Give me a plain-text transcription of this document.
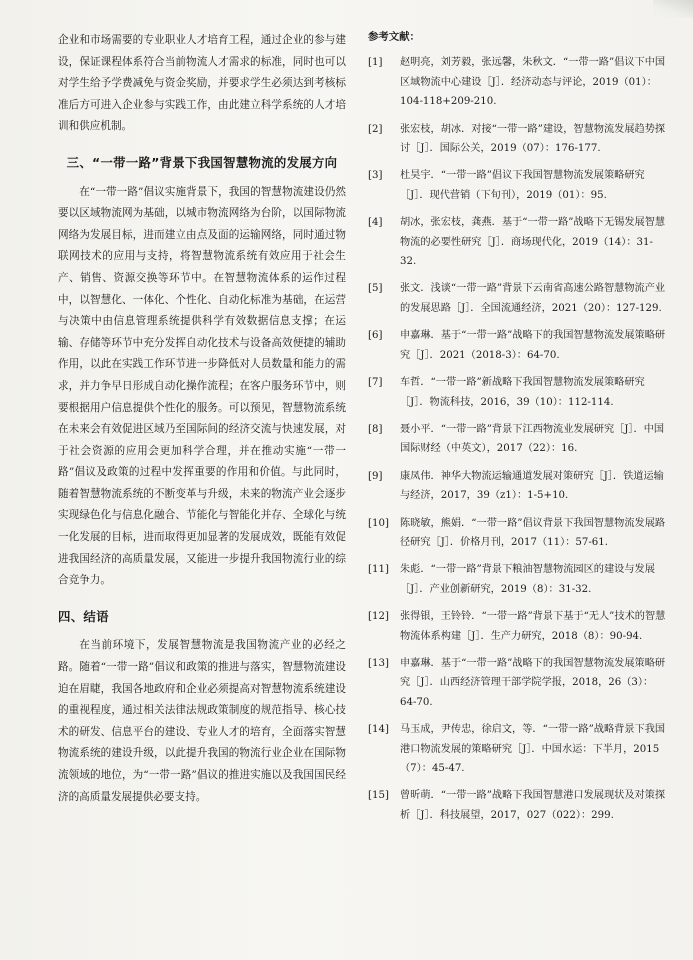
企业和市场需要的专业职业人才培育工程，通过企业的参与建设，保证课程体系符合当前物流人才需求的标准，同时也可以对学生给予学费减免与资金奖励，并要求学生必须达到考核标准后方可进入企业参与实践工作，由此建立科学系统的人才培训和供应机制。

三、“一带一路”背景下我国智慧物流的发展方向

在“一带一路”倡议实施背景下，我国的智慧物流建设仍然要以区域物流网为基础，以城市物流网络为台阶，以国际物流网络为发展目标，进而建立由点及面的运输网络，同时通过物联网技术的应用与支持，将智慧物流系统有效应用于社会生产、销售、资源交换等环节中。在智慧物流体系的运作过程中，以智慧化、一体化、个性化、自动化标准为基础，在运营与决策中由信息管理系统提供科学有效数据信息支撑；在运输、存储等环节中充分发挥自动化技术与设备高效便捷的辅助作用，以此在实践工作环节进一步降低对人员数量和能力的需求，并力争早日形成自动化操作流程；在客户服务环节中，则要根据用户信息提供个性化的服务。可以预见，智慧物流系统在未来会有效促进区域乃至国际间的经济交流与快速发展，对于社会资源的应用会更加科学合理，并在推动实施“一带一路”倡议及政策的过程中发挥重要的作用和价值。与此同时，随着智慧物流系统的不断变革与升级，未来的物流产业会逐步实现绿色化与信息化融合、节能化与智能化并存、全球化与统一化发展的目标，进而取得更加显著的发展成效，既能有效促进我国经济的高质量发展，又能进一步提升我国物流行业的综合竞争力。

四、结语

在当前环境下，发展智慧物流是我国物流产业的必经之路。随着“一带一路”倡议和政策的推进与落实，智慧物流建设迫在眉睫，我国各地政府和企业必须提高对智慧物流系统建设的重视程度，通过相关法律法规政策制度的规范指导、核心技术的研发、信息平台的建设、专业人才的培育，全面落实智慧物流系统的建设升级，以此提升我国的物流行业企业在国际物流领域的地位，为“一带一路”倡议的推进实施以及我国国民经济的高质量发展提供必要支持。

参考文献：
[1]	赵明亮，刘芳毅，张远馨，朱秋文．“一带一路”倡议下中国区域物流中心建设［J］．经济动态与评论，2019（01）：104-118+209-210.
[2]	张宏枝，胡冰．对接“一带一路”建设，智慧物流发展趋势探讨［J］．国际公关，2019（07）：176-177.
[3]	杜昊宇．“一带一路”倡议下我国智慧物流发展策略研究［J］．现代营销（下旬刊），2019（01）：95.
[4]	胡冰，张宏枝，龚燕．基于“一带一路”战略下无锡发展智慧物流的必要性研究［J］．商场现代化，2019（14）：31-32.
[5]	张文．浅谈“一带一路”背景下云南省高速公路智慧物流产业的发展思路［J］．全国流通经济，2021（20）：127-129.
[6]	申嘉琳．基于“一带一路”战略下的我国智慧物流发展策略研究［J］．2021（2018-3）：64-70.
[7]	车哲．“一带一路”新战略下我国智慧物流发展策略研究［J］．物流科技，2016，39（10）：112-114.
[8]	聂小平．“一带一路”背景下江西物流业发展研究［J］．中国国际财经（中英文），2017（22）：16.
[9]	康凤伟．神华大物流运输通道发展对策研究［J］．铁道运输与经济，2017，39（z1）：1-5+10.
[10]	陈晓敏，熊娟．“一带一路”倡议背景下我国智慧物流发展路径研究［J］．价格月刊，2017（11）：57-61.
[11]	朱彪．“一带一路”背景下粮油智慧物流园区的建设与发展［J］．产业创新研究，2019（8）：31-32.
[12]	张得银，王铃铃．“一带一路”背景下基于“无人”技术的智慧物流体系构建［J］．生产力研究，2018（8）：90-94.
[13]	申嘉琳．基于“一带一路”战略下的我国智慧物流发展策略研究［J］．山西经济管理干部学院学报，2018，26（3）：64-70.
[14]	马玉成，尹传忠，徐启文，等．“一带一路”战略背景下我国港口物流发展的策略研究［J］．中国水运：下半月，2015（7）：45-47.
[15]	曾昕萌．“一带一路”战略下我国智慧港口发展现状及对策探析［J］．科技展望，2017，027（022）：299.
